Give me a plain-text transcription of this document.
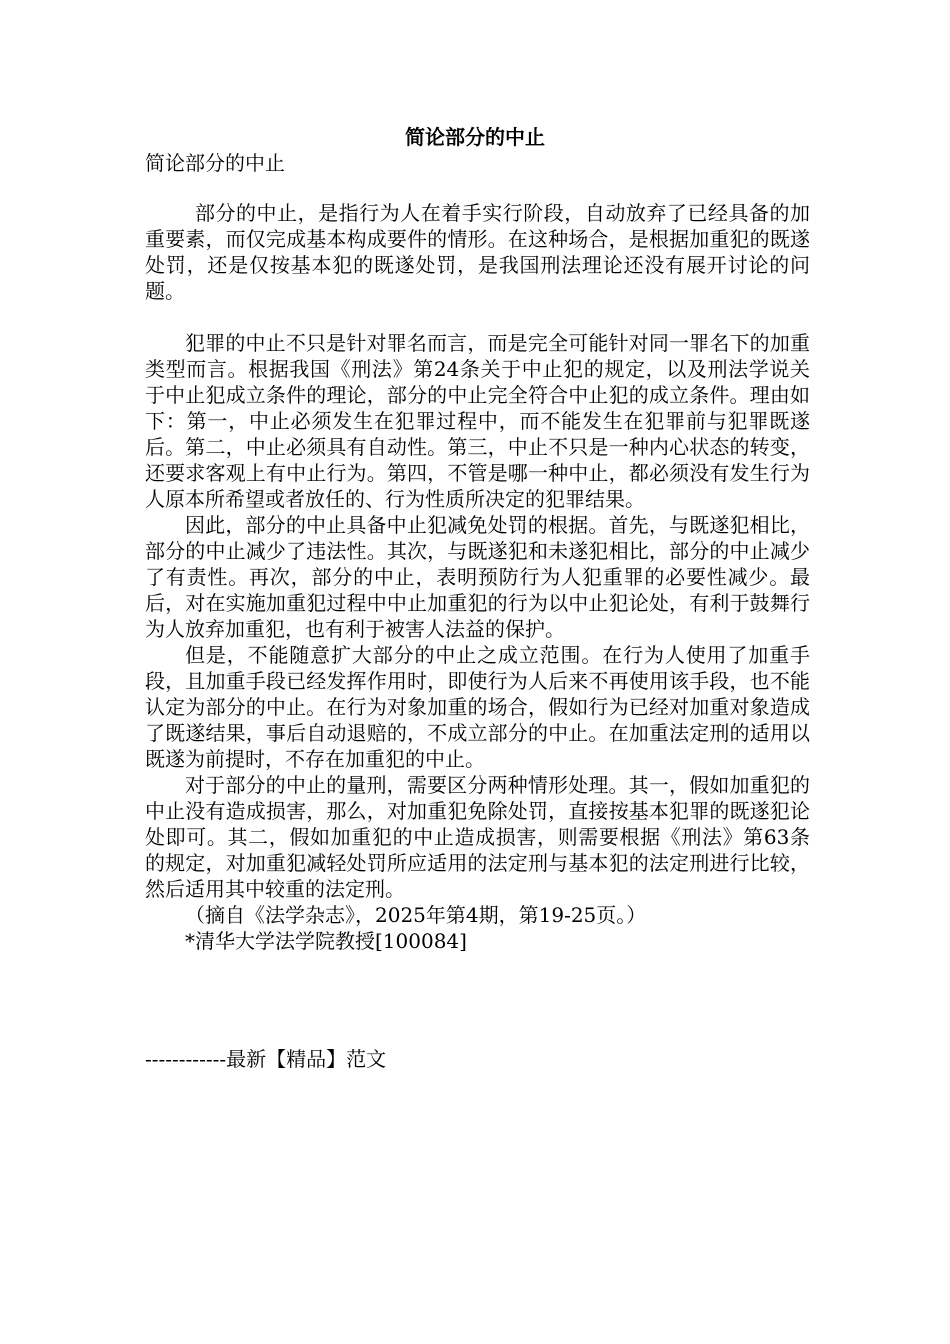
简论部分的中止
简论部分的中止

部分的中止，是指行为人在着手实行阶段，自动放弃了已经具备的加重要素，而仅完成基本构成要件的情形。在这种场合，是根据加重犯的既遂处罚，还是仅按基本犯的既遂处罚，是我国刑法理论还没有展开讨论的问题。

犯罪的中止不只是针对罪名而言，而是完全可能针对同一罪名下的加重类型而言。根据我国《刑法》第24条关于中止犯的规定，以及刑法学说关于中止犯成立条件的理论，部分的中止完全符合中止犯的成立条件。理由如下：第一，中止必须发生在犯罪过程中，而不能发生在犯罪前与犯罪既遂后。第二，中止必须具有自动性。第三，中止不只是一种内心状态的转变，还要求客观上有中止行为。第四，不管是哪一种中止，都必须没有发生行为人原本所希望或者放任的、行为性质所决定的犯罪结果。

因此，部分的中止具备中止犯减免处罚的根据。首先，与既遂犯相比，部分的中止减少了违法性。其次，与既遂犯和未遂犯相比，部分的中止减少了有责性。再次，部分的中止，表明预防行为人犯重罪的必要性减少。最后，对在实施加重犯过程中中止加重犯的行为以中止犯论处，有利于鼓舞行为人放弃加重犯，也有利于被害人法益的保护。

但是，不能随意扩大部分的中止之成立范围。在行为人使用了加重手段，且加重手段已经发挥作用时，即使行为人后来不再使用该手段，也不能认定为部分的中止。在行为对象加重的场合，假如行为已经对加重对象造成了既遂结果，事后自动退赔的，不成立部分的中止。在加重法定刑的适用以既遂为前提时，不存在加重犯的中止。

对于部分的中止的量刑，需要区分两种情形处理。其一，假如加重犯的中止没有造成损害，那么，对加重犯免除处罚，直接按基本犯罪的既遂犯论处即可。其二，假如加重犯的中止造成损害，则需要根据《刑法》第63条的规定，对加重犯减轻处罚所应适用的法定刑与基本犯的法定刑进行比较，然后适用其中较重的法定刑。

（摘自《法学杂志》，2025年第4期，第19-25页。）

*清华大学法学院教授[100084]

------------最新【精品】范文
